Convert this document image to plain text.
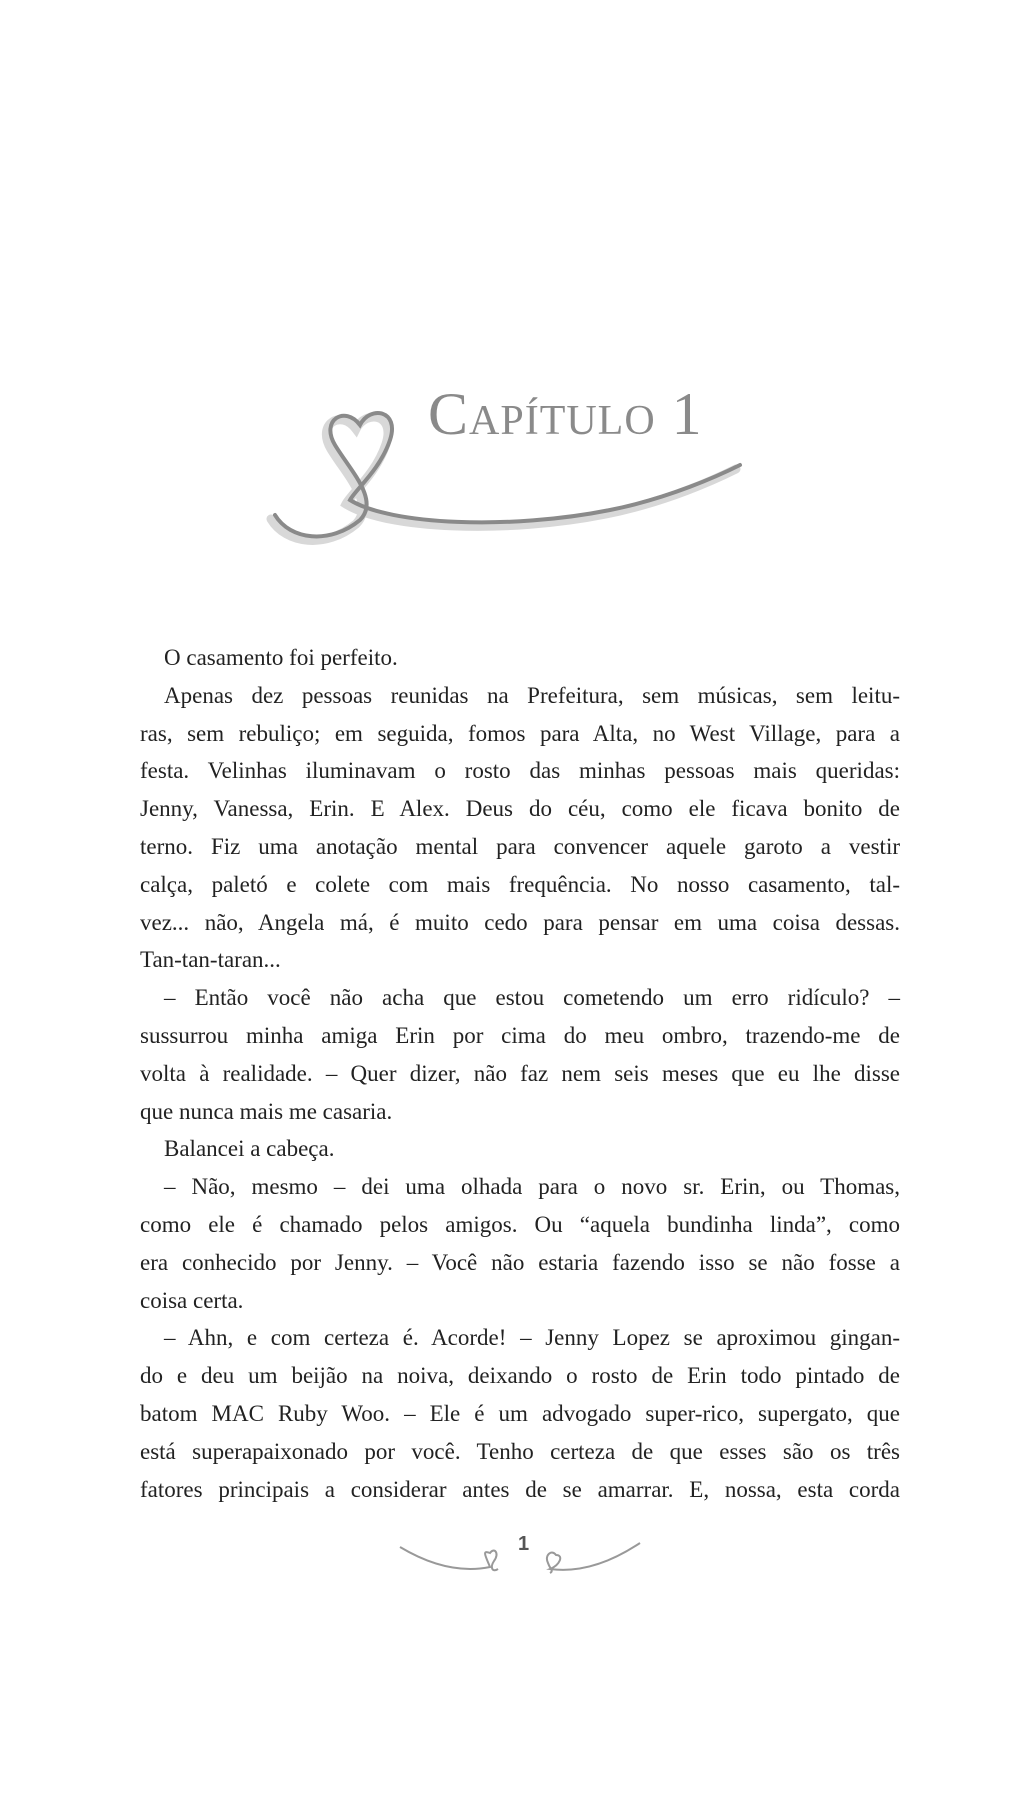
Capítulo 1
O casamento foi perfeito.
Apenas dez pessoas reunidas na Prefeitura, sem músicas, sem leitu-
ras, sem rebuliço; em seguida, fomos para Alta, no West Village, para a
festa. Velinhas iluminavam o rosto das minhas pessoas mais queridas:
Jenny, Vanessa, Erin. E Alex. Deus do céu, como ele ficava bonito de
terno. Fiz uma anotação mental para convencer aquele garoto a vestir
calça, paletó e colete com mais frequência. No nosso casamento, tal-
vez... não, Angela má, é muito cedo para pensar em uma coisa dessas.
Tan-tan-taran...
– Então você não acha que estou cometendo um erro ridículo? –
sussurrou minha amiga Erin por cima do meu ombro, trazendo-me de
volta à realidade. – Quer dizer, não faz nem seis meses que eu lhe disse
que nunca mais me casaria.
Balancei a cabeça.
– Não, mesmo – dei uma olhada para o novo sr. Erin, ou Thomas,
como ele é chamado pelos amigos. Ou “aquela bundinha linda”, como
era conhecido por Jenny. – Você não estaria fazendo isso se não fosse a
coisa certa.
– Ahn, e com certeza é. Acorde! – Jenny Lopez se aproximou gingan-
do e deu um beijão na noiva, deixando o rosto de Erin todo pintado de
batom MAC Ruby Woo. – Ele é um advogado super-rico, supergato, que
está superapaixonado por você. Tenho certeza de que esses são os três
fatores principais a considerar antes de se amarrar. E, nossa, esta corda
1
